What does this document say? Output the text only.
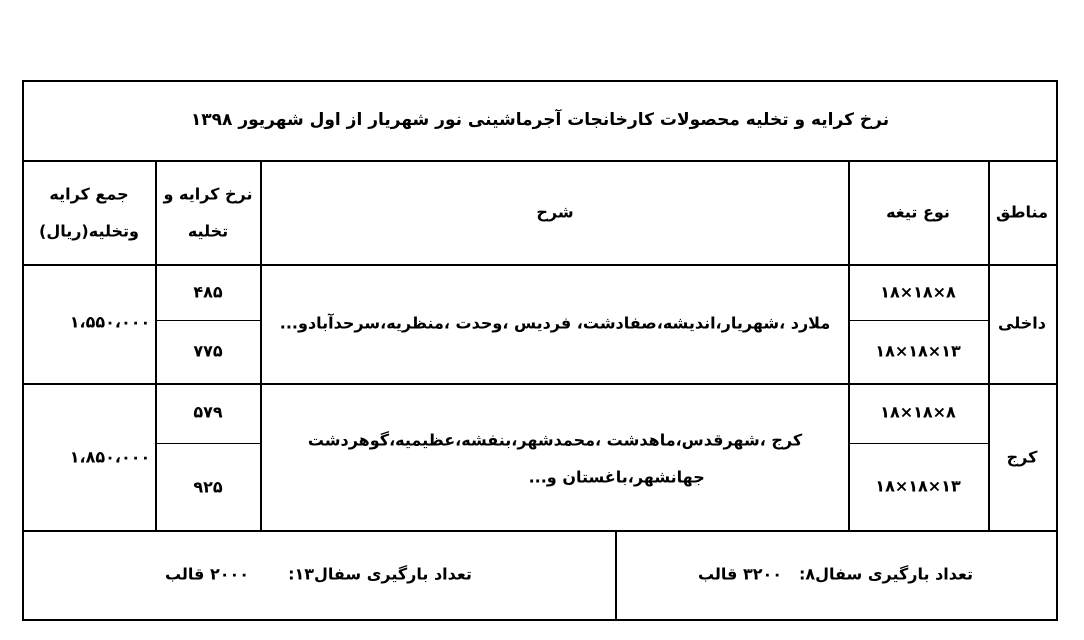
نرخ کرایه و تخلیه محصولات کارخانجات آجرماشینی نور شهریار از اول شهریور ۱۳۹۸
مناطق
نوع تیغه
شرح
نرخ کرایه و
تخلیه
جمع کرایه
وتخلیه(ریال)
داخلی
۸×۱۸×۱۸
۱۳×۱۸×۱۸
ملارد ،شهریار،اندیشه،صفادشت، فردیس ،وحدت ،منظریه،سرحدآبادو...
۴۸۵
۷۷۵
۱،۵۵۰،۰۰۰
کرج
۸×۱۸×۱۸
۱۳×۱۸×۱۸
کرج ،شهرقدس،ماهدشت ،محمدشهر،بنفشه،عظیمیه،گوهردشت
جهانشهر،باغستان و...
۵۷۹
۹۲۵
۱،۸۵۰،۰۰۰
تعداد بارگیری سفال۸:
۳۲۰۰ قالب
تعداد بارگیری سفال۱۳:
۲۰۰۰ قالب
